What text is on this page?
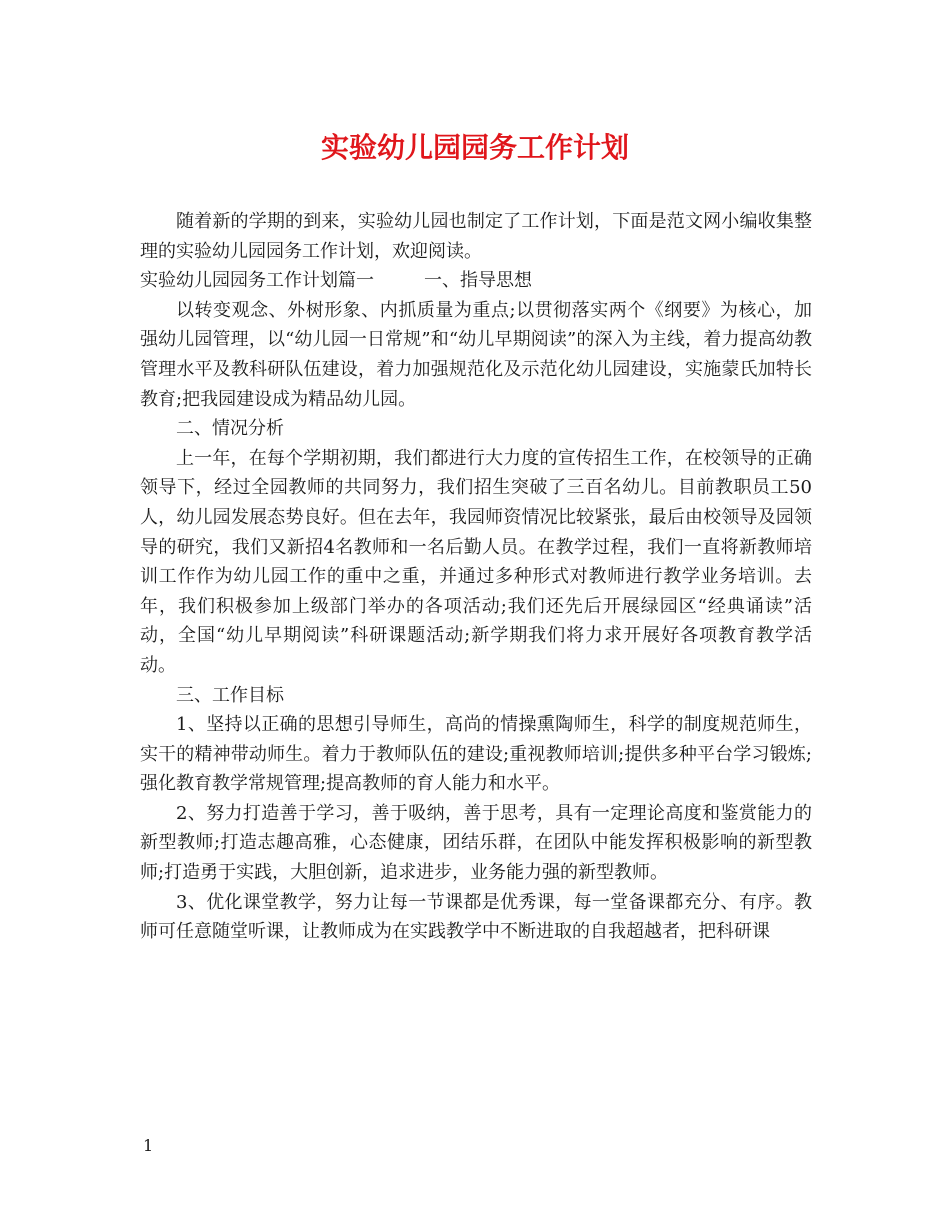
实验幼儿园园务工作计划

随着新的学期的到来，实验幼儿园也制定了工作计划，下面是范文网小编收集整理的实验幼儿园园务工作计划，欢迎阅读。

实验幼儿园园务工作计划篇一	一、指导思想

以转变观念、外树形象、内抓质量为重点;以贯彻落实两个《纲要》为核心，加强幼儿园管理，以“幼儿园一日常规”和“幼儿早期阅读”的深入为主线，着力提高幼教管理水平及教科研队伍建设，着力加强规范化及示范化幼儿园建设，实施蒙氏加特长教育;把我园建设成为精品幼儿园。

二、情况分析

上一年，在每个学期初期，我们都进行大力度的宣传招生工作，在校领导的正确领导下，经过全园教师的共同努力，我们招生突破了三百名幼儿。目前教职员工50人，幼儿园发展态势良好。但在去年，我园师资情况比较紧张，最后由校领导及园领导的研究，我们又新招4名教师和一名后勤人员。在教学过程，我们一直将新教师培训工作作为幼儿园工作的重中之重，并通过多种形式对教师进行教学业务培训。去年，我们积极参加上级部门举办的各项活动;我们还先后开展绿园区“经典诵读”活动，全国“幼儿早期阅读”科研课题活动;新学期我们将力求开展好各项教育教学活动。

三、工作目标

1、坚持以正确的思想引导师生，高尚的情操熏陶师生，科学的制度规范师生，实干的精神带动师生。着力于教师队伍的建设;重视教师培训;提供多种平台学习锻炼;强化教育教学常规管理;提高教师的育人能力和水平。

2、努力打造善于学习，善于吸纳，善于思考，具有一定理论高度和鉴赏能力的新型教师;打造志趣高雅，心态健康，团结乐群，在团队中能发挥积极影响的新型教师;打造勇于实践，大胆创新，追求进步，业务能力强的新型教师。

3、优化课堂教学，努力让每一节课都是优秀课，每一堂备课都充分、有序。教师可任意随堂听课，让教师成为在实践教学中不断进取的自我超越者，把科研课

1
